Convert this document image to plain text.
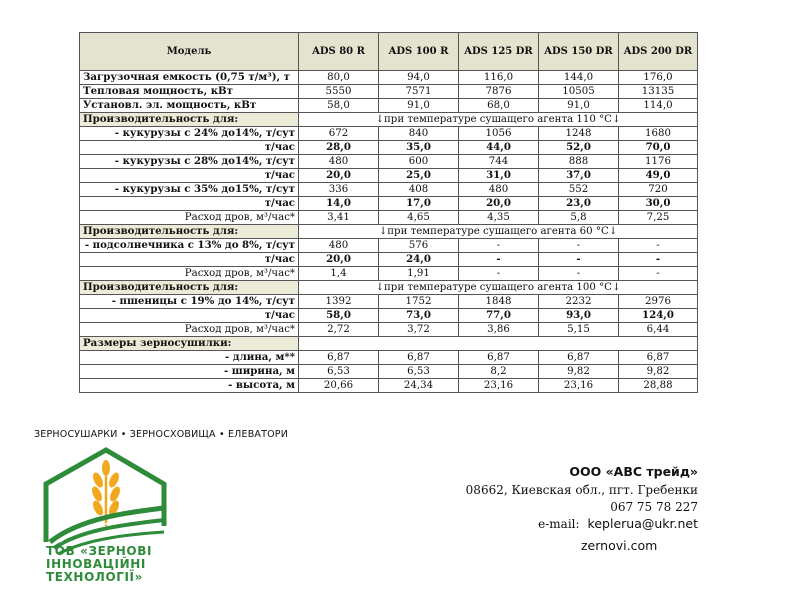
Модель	ADS 80 R	ADS 100 R	ADS 125 DR	ADS 150 DR	ADS 200 DR
Загрузочная емкость (0,75 т/м³), т	80,0	94,0	116,0	144,0	176,0
Тепловая мощность, кВт	5550	7571	7876	10505	13135
Установл. эл. мощность, кВт	58,0	91,0	68,0	91,0	114,0
Производительность для:	↓при температуре сушащего агента 110 °C↓				
- кукурузы с 24% до14%, т/сут	672	840	1056	1248	1680
т/час	28,0	35,0	44,0	52,0	70,0
- кукурузы с 28% до14%, т/сут	480	600	744	888	1176
т/час	20,0	25,0	31,0	37,0	49,0
- кукурузы с 35% до15%, т/сут	336	408	480	552	720
т/час	14,0	17,0	20,0	23,0	30,0
Расход дров, м³/час*	3,41	4,65	4,35	5,8	7,25
Производительность для:	↓при температуре сушащего агента 60 °C↓				
- подсолнечника с 13% до 8%, т/сут	480	576	-	-	-
т/час	20,0	24,0	-	-	-
Расход дров, м³/час*	1,4	1,91	-	-	-
Производительность для:	↓при температуре сушащего агента 100 °C↓				
- пшеницы с 19% до 14%, т/сут	1392	1752	1848	2232	2976
т/час	58,0	73,0	77,0	93,0	124,0
Расход дров, м³/час*	2,72	3,72	3,86	5,15	6,44
Размеры зерносушилки:					
- длина, м**	6,87	6,87	6,87	6,87	6,87
- ширина, м	6,53	6,53	8,2	9,82	9,82
- высота, м	20,66	24,34	23,16	23,16	28,88
ЗЕРНОСУШАРКИ • ЗЕРНОСХОВИЩА • ЕЛЕВАТОРИ
ТОВ «ЗЕРНОВІ
ІННОВАЦІЙНІ
ТЕХНОЛОГІЇ»
ООО «АВС трейд»
08662, Киевская обл., пгт. Гребенки
067 75 78 227
e-mail: keplerua@ukr.net
zernovi.com
